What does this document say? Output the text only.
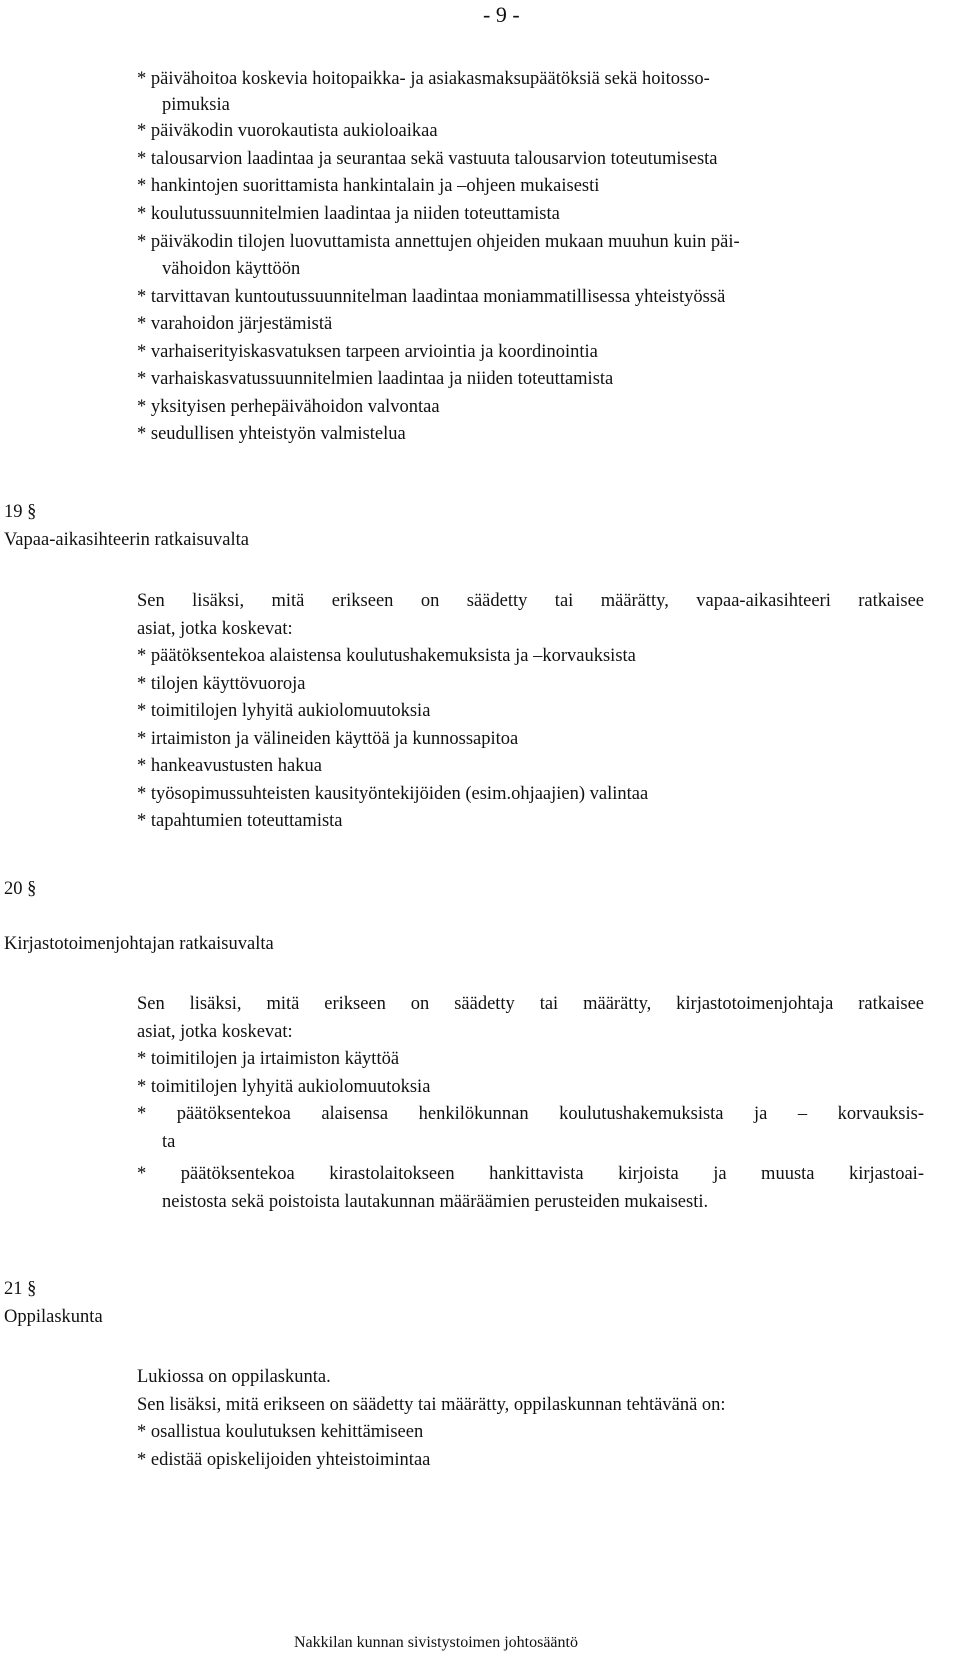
- 9 -
* päivähoitoa koskevia hoitopaikka- ja asiakasmaksupäätöksiä sekä hoitosso-
pimuksia
* päiväkodin vuorokautista aukioloaikaa
* talousarvion laadintaa ja seurantaa sekä vastuuta talousarvion toteutumisesta
* hankintojen suorittamista hankintalain ja –ohjeen mukaisesti
* koulutussuunnitelmien laadintaa ja niiden toteuttamista
* päiväkodin tilojen luovuttamista annettujen ohjeiden mukaan muuhun kuin päi-
vähoidon käyttöön
* tarvittavan kuntoutussuunnitelman laadintaa moniammatillisessa yhteistyössä
* varahoidon järjestämistä
* varhaiserityiskasvatuksen tarpeen arviointia ja koordinointia
* varhaiskasvatussuunnitelmien laadintaa ja niiden toteuttamista
* yksityisen perhepäivähoidon valvontaa
* seudullisen yhteistyön valmistelua
19 §
Vapaa-aikasihteerin ratkaisuvalta
Sen lisäksi, mitä erikseen on säädetty tai määrätty, vapaa-aikasihteeri ratkaisee
asiat, jotka koskevat:
* päätöksentekoa alaistensa koulutushakemuksista ja –korvauksista
* tilojen käyttövuoroja
* toimitilojen lyhyitä aukiolomuutoksia
* irtaimiston ja välineiden käyttöä ja kunnossapitoa
* hankeavustusten hakua
* työsopimussuhteisten kausityöntekijöiden (esim.ohjaajien) valintaa
* tapahtumien toteuttamista
20 §
Kirjastotoimenjohtajan ratkaisuvalta
Sen lisäksi, mitä erikseen on säädetty tai määrätty, kirjastotoimenjohtaja ratkaisee
asiat, jotka koskevat:
* toimitilojen ja irtaimiston käyttöä
* toimitilojen lyhyitä aukiolomuutoksia
* päätöksentekoa alaisensa henkilökunnan koulutushakemuksista ja – korvauksis-
ta
* päätöksentekoa kirastolaitokseen hankittavista kirjoista ja muusta kirjastoai-
neistosta sekä poistoista lautakunnan määräämien perusteiden mukaisesti.
21 §
Oppilaskunta
Lukiossa on oppilaskunta.
Sen lisäksi, mitä erikseen on säädetty tai määrätty, oppilaskunnan tehtävänä on:
* osallistua koulutuksen kehittämiseen
* edistää opiskelijoiden yhteistoimintaa
Nakkilan kunnan sivistystoimen johtosääntö
